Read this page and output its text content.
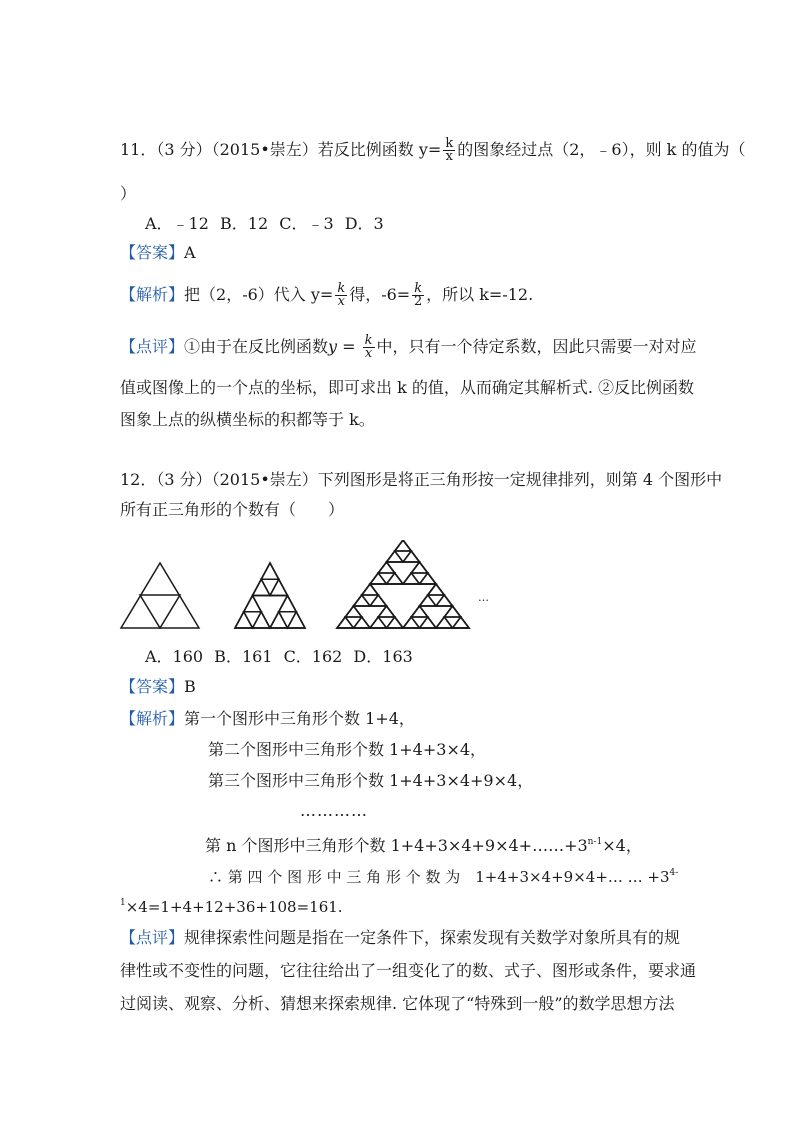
11．（3 分）（2015•崇左）若反比例函数 $y= \frac{k}{x}$ 的图象经过点（2，﹣6），则 k 的值为（
）
A．﹣12 B．12 C．﹣3 D．3
【答案】A
【解析】把（2，-6）代入 $y= \frac{k}{x}$ 得，$-6= \frac{k}{2}$ ，所以 k=-12.
【点评】①由于在反比例函数$y = \frac{k}{x}$ 中，只有一个待定系数，因此只需要一对对应
值或图像上的一个点的坐标，即可求出 k 的值，从而确定其解析式. ②反比例函数
图象上点的纵横坐标的积都等于 k。
12．（3 分）（2015•崇左）下列图形是将正三角形按一定规律排列，则第 4 个图形中
所有正三角形的个数有（　　）
…
A．160 B．161 C．162 D．163
【答案】B
【解析】第一个图形中三角形个数 1+4，
第二个图形中三角形个数 1+4+3×4，
第三个图形中三角形个数 1+4+3×4+9×4，
…………
第 n 个图形中三角形个数 $1+4+3\times 4+9\times 4+\dots\dots+3^{n-1}\times 4$，
∴ 第 四 个 图 形 中 三 角 形 个 数 为　1+4+3×4+9×4+… … $+3^{4-}$
$^1$×4=1+4+12+36+108=161.
【点评】规律探索性问题是指在一定条件下，探索发现有关数学对象所具有的规
律性或不变性的问题，它往往给出了一组变化了的数、式子、图形或条件，要求通
过阅读、观察、分析、猜想来探索规律. 它体现了“特殊到一般”的数学思想方法
